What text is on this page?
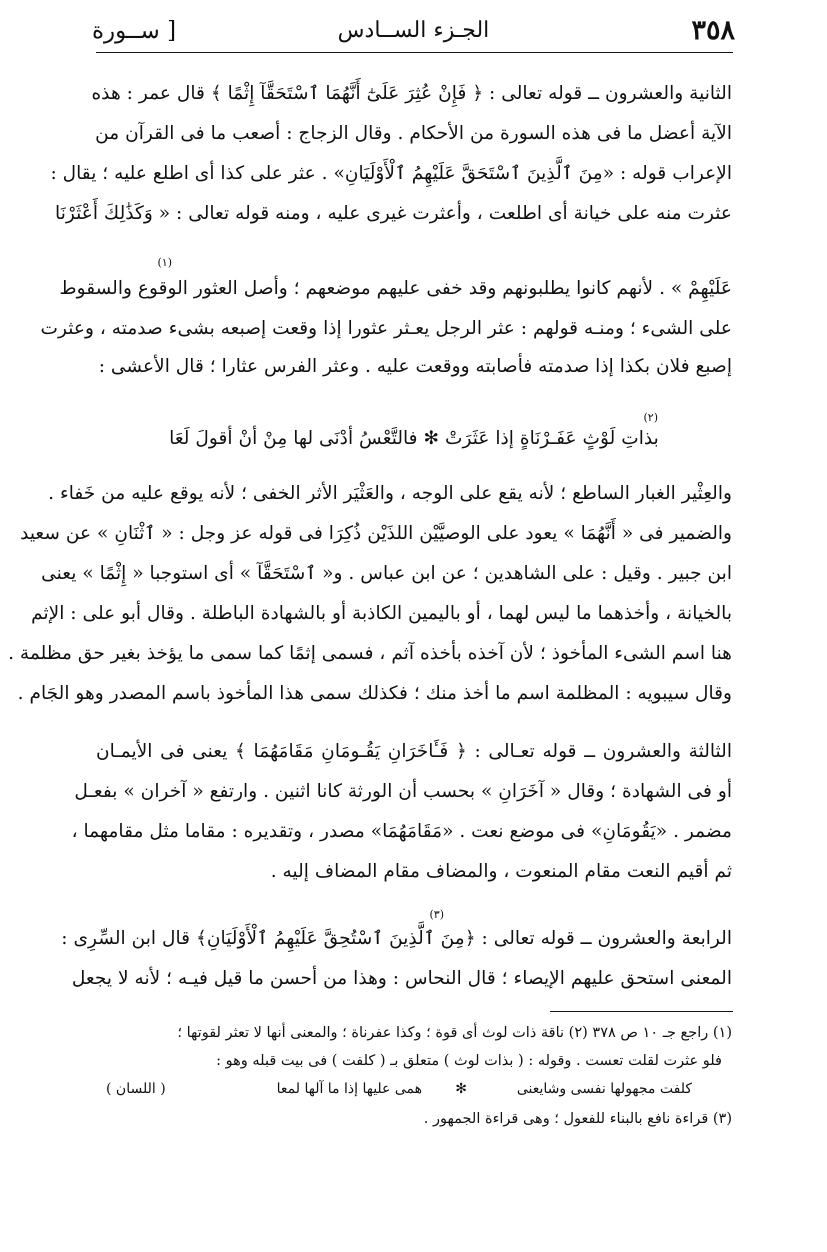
٣٥٨
الجـزء الســادس
[ ســورة
الثانية والعشرون ــ قوله تعالى : ﴿ فَإِنْ عُثِرَ عَلَىٰٓ أَنَّهُمَا ٱسْتَحَقَّآ إِثْمًا ﴾ قال عمر : هذه
الآية أعضل ما فى هذه السورة من الأحكام . وقال الزجاج : أصعب ما فى القرآن من
الإعراب قوله : «مِنَ ٱلَّذِينَ ٱسْتَحَقَّ عَلَيْهِمُ ٱلْأَوْلَيَانِ» . عثر على كذا أى اطلع عليه ؛ يقال :
عثرت منه على خيانة أى اطلعت ، وأعثرت غيرى عليه ، ومنه قوله تعالى : « وَكَذَٰلِكَ أَعْثَرْنَا
(١)
عَلَيْهِمْ » . لأنهم كانوا يطلبونهم وقد خفى عليهم موضعهم ؛ وأصل العثور الوقوع والسقوط
على الشىء ؛ ومنـه قولهم : عثر الرجل يعـثر عثورا إذا وقعت إصبعه بشىء صدمته ، وعثرت
إصبع فلان بكذا إذا صدمته فأصابته ووقعت عليه . وعثر الفرس عثارا ؛ قال الأعشى :
(٢)
بذاتِ لَوْثٍ عَفَـرْنَاةٍ إذا عَثَرَتْ ✻ فالتَّعْسُ أدْنَى لها مِنْ أنْ أقولَ لَعَا
والعِثْير الغبار الساطع ؛ لأنه يقع على الوجه ، والعَثْيَر الأثر الخفى ؛ لأنه يوقع عليه من خَفاء .
والضمير فى « أَنَّهُمَا » يعود على الوصيَّيْن اللذَيْن ذُكِرَا فى قوله عز وجل : « ٱثْنَانِ » عن سعيد
ابن جبير . وقيل : على الشاهدين ؛ عن ابن عباس . و« ٱسْتَحَقَّآ » أى استوجبا « إِثْمًا » يعنى
بالخيانة ، وأخذهما ما ليس لهما ، أو باليمين الكاذبة أو بالشهادة الباطلة . وقال أبو على : الإثم
هنا اسم الشىء المأخوذ ؛ لأن آخذه بأخذه آثم ، فسمى إثمًا كما سمى ما يؤخذ بغير حق مظلمة .
وقال سيبويه : المظلمة اسم ما أخذ منك ؛ فكذلك سمى هذا المأخوذ باسم المصدر وهو الجَام .
الثالثة والعشرون ــ قوله تعـالى : ﴿ فَـَٔاخَرَانِ يَقُـومَانِ مَقَامَهُمَا ﴾ يعنى فى الأيمـان
أو فى الشهادة ؛ وقال « آخَرَانِ » بحسب أن الورثة كانا اثنين . وارتفع « آخران » بفعـل
مضمر . «يَقُومَانِ» فى موضع نعت . «مَقَامَهُمَا» مصدر ، وتقديره : مقاما مثل مقامهما ،
ثم أقيم النعت مقام المنعوت ، والمضاف مقام المضاف إليه .
(٣)
الرابعة والعشرون ــ قوله تعالى : ﴿مِنَ ٱلَّذِينَ ٱسْتُحِقَّ عَلَيْهِمُ ٱلْأَوْلَيَانِ﴾ قال ابن السِّرِى :
المعنى استحق عليهم الإيصاء ؛ قال النحاس : وهذا من أحسن ما قيل فيـه ؛ لأنه لا يجعل
(١) راجع جـ ١٠ ص ٣٧٨ (٢) ناقة ذات لوث أى قوة ؛ وكذا عفرناة ؛ والمعنى أنها لا تعثر لقوتها ؛
فلو عثرت لقلت تعست . وقوله : ( بذات لوث ) متعلق بـ ( كلفت ) فى بيت قبله وهو :
كلفت مجهولها نفسى وشايعنى
✻
همى عليها إذا ما آلها لمعا
( اللسان )
(٣) قراءة نافع بالبناء للفعول ؛ وهى قراءة الجمهور .
